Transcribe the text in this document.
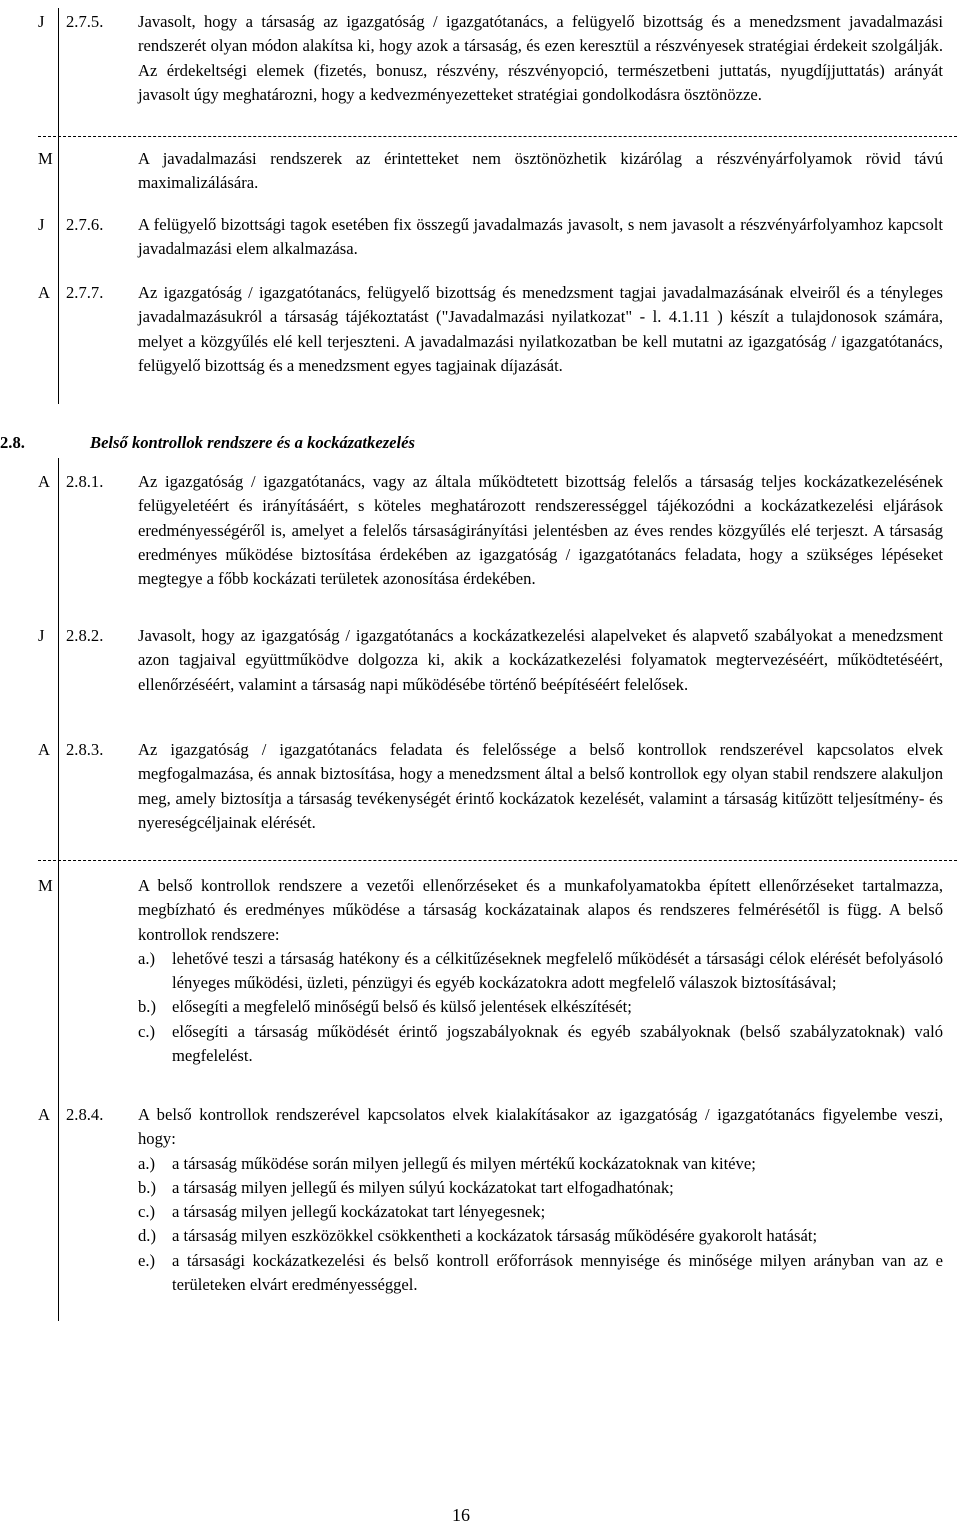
J 2.7.5. Javasolt, hogy a társaság az igazgatóság / igazgatótanács, a felügyelő bizottság és a menedzsment javadalmazási rendszerét olyan módon alakítsa ki, hogy azok a társaság, és ezen keresztül a részvényesek stratégiai érdekeit szolgálják. Az érdekeltségi elemek (fizetés, bonusz, részvény, részvényopció, természetbeni juttatás, nyugdíjjuttatás) arányát javasolt úgy meghatározni, hogy a kedvezményezetteket stratégiai gondolkodásra ösztönözze.
M	A javadalmazási rendszerek az érintetteket nem ösztönözhetik kizárólag a részvényárfolyamok rövid távú maximalizálására.
J 2.7.6. A felügyelő bizottsági tagok esetében fix összegű javadalmazás javasolt, s nem javasolt a részvényárfolyamhoz kapcsolt javadalmazási elem alkalmazása.
A 2.7.7. Az igazgatóság / igazgatótanács, felügyelő bizottság és menedzsment tagjai javadalmazásának elveiről és a tényleges javadalmazásukról a társaság tájékoztatást ("Javadalmazási nyilatkozat" - l. 4.1.11 ) készít a tulajdonosok számára, melyet a közgyűlés elé kell terjeszteni. A javadalmazási nyilatkozatban be kell mutatni az igazgatóság / igazgatótanács, felügyelő bizottság és a menedzsment egyes tagjainak díjazását.
2.8.	Belső kontrollok rendszere és a kockázatkezelés
A 2.8.1. Az igazgatóság / igazgatótanács, vagy az általa működtetett bizottság felelős a társaság teljes kockázatkezelésének felügyeletéért és irányításáért, s köteles meghatározott rendszerességgel tájékozódni a kockázatkezelési eljárások eredményességéről is, amelyet a felelős társaságirányítási jelentésben az éves rendes közgyűlés elé terjeszt. A társaság eredményes működése biztosítása érdekében az igazgatóság / igazgatótanács feladata, hogy a szükséges lépéseket megtegye a főbb kockázati területek azonosítása érdekében.
J 2.8.2. Javasolt, hogy az igazgatóság / igazgatótanács a kockázatkezelési alapelveket és alapvető szabályokat a menedzsment azon tagjaival együttműködve dolgozza ki, akik a kockázatkezelési folyamatok megtervezéséért, működtetéséért, ellenőrzéséért, valamint a társaság napi működésébe történő beépítéséért felelősek.
A 2.8.3. Az igazgatóság / igazgatótanács feladata és felelőssége a belső kontrollok rendszerével kapcsolatos elvek megfogalmazása, és annak biztosítása, hogy a menedzsment által a belső kontrollok egy olyan stabil rendszere alakuljon meg, amely biztosítja a társaság tevékenységét érintő kockázatok kezelését, valamint a társaság kitűzött teljesítmény- és nyereségcéljainak elérését.
M	A belső kontrollok rendszere a vezetői ellenőrzéseket és a munkafolyamatokba épített ellenőrzéseket tartalmazza, megbízható és eredményes működése a társaság kockázatainak alapos és rendszeres felmérésétől is függ. A belső kontrollok rendszere:
a.)	lehetővé teszi a társaság hatékony és a célkitűzéseknek megfelelő működését a társasági célok elérését befolyásoló lényeges működési, üzleti, pénzügyi és egyéb kockázatokra adott megfelelő válaszok biztosításával;
b.) elősegíti a megfelelő minőségű belső és külső jelentések elkészítését;
c.)	elősegíti a társaság működését érintő jogszabályoknak és egyéb szabályoknak (belső szabályzatoknak) való megfelelést.
A 2.8.4. A belső kontrollok rendszerével kapcsolatos elvek kialakításakor az igazgatóság / igazgatótanács figyelembe veszi, hogy:
a.)	a társaság működése során milyen jellegű és milyen mértékű kockázatoknak van kitéve;
b.) a társaság milyen jellegű és milyen súlyú kockázatokat tart elfogadhatónak;
c.)	a társaság milyen jellegű kockázatokat tart lényegesnek;
d.) a társaság milyen eszközökkel csökkentheti a kockázatok társaság működésére gyakorolt hatását;
e.)	a társasági kockázatkezelési és belső kontroll erőforrások mennyisége és minősége milyen arányban van az e területeken elvárt eredményességgel.
16
